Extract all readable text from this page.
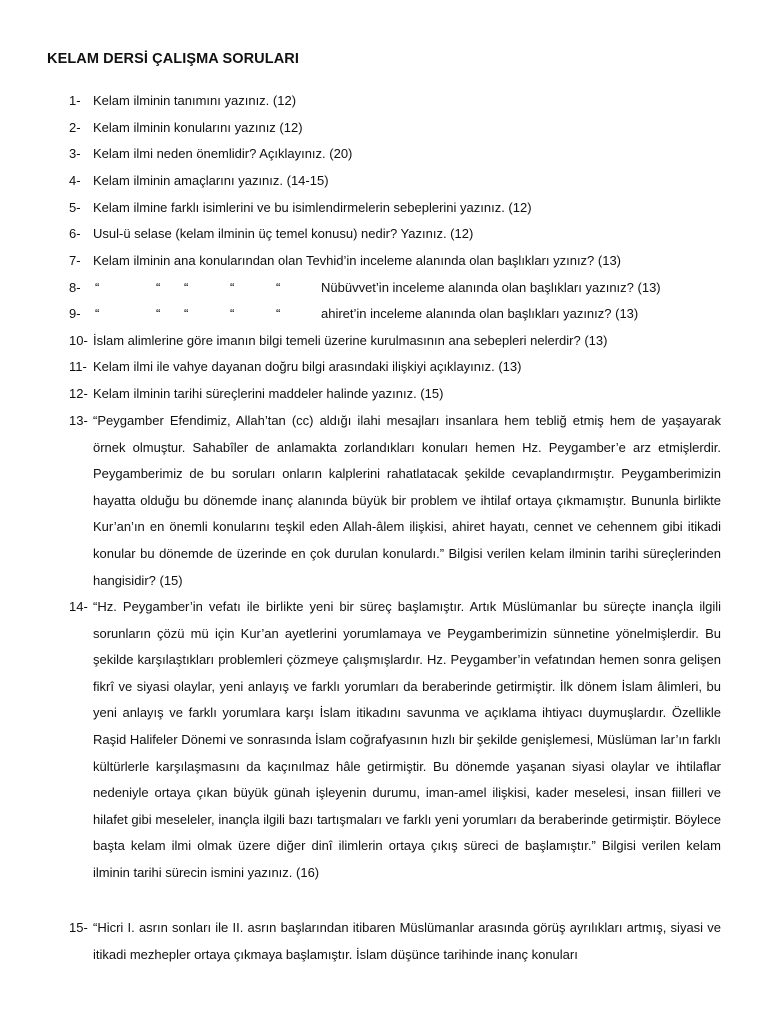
KELAM DERSİ ÇALIŞMA SORULARI
1- Kelam ilminin tanımını yazınız. (12)
2- Kelam ilminin konularını yazınız (12)
3- Kelam ilmi neden önemlidir? Açıklayınız. (20)
4- Kelam ilminin amaçlarını yazınız. (14-15)
5- Kelam ilmine farklı isimlerini ve bu isimlendirmelerin sebeplerini yazınız. (12)
6- Usul-ü selase (kelam ilminin üç temel konusu) nedir? Yazınız. (12)
7- Kelam ilminin ana konularından olan Tevhid’in inceleme alanında olan başlıkları yzınız? (13)
8- “	“ “	“	“	Nübüvvet’in inceleme alanında olan başlıkları yazınız? (13)
9- “	“ “	“	“	ahiret’in inceleme alanında olan başlıkları yazınız? (13)
10- İslam alimlerine göre imanın bilgi temeli üzerine kurulmasının ana sebepleri nelerdir? (13)
11- Kelam ilmi ile vahye dayanan doğru bilgi arasındaki ilişkiyi açıklayınız. (13)
12- Kelam ilminin tarihi süreçlerini maddeler halinde yazınız. (15)
13- “Peygamber Efendimiz, Allah’tan (cc) aldığı ilahi mesajları insanlara hem tebliğ etmiş hem de yaşayarak örnek olmuştur. Sahabîler de anlamakta zorlandıkları konuları hemen Hz. Peygamber’e arz etmişlerdir. Peygamberimiz de bu soruları onların kalplerini rahatlatacak şekilde cevaplandırmıştır. Peygamberimizin hayatta olduğu bu dönemde inanç alanında büyük bir problem ve ihtilaf ortaya çıkmamıştır. Bununla birlikte Kur’an’ın en önemli konularını teşkil eden Allah-âlem ilişkisi, ahiret hayatı, cennet ve cehennem gibi itikadi konular bu dönemde de üzerinde en çok durulan konulardı.” Bilgisi verilen kelam ilminin tarihi süreçlerinden hangisidir? (15)
14- “Hz. Peygamber’in vefatı ile birlikte yeni bir süreç başlamıştır. Artık Müslümanlar bu süreçte inançla ilgili sorunların çözü mü için Kur’an ayetlerini yorumlamaya ve Peygamberimizin sünnetine yönelmişlerdir. Bu şekilde karşılaştıkları problemleri çözmeye çalışmışlardır. Hz. Peygamber’in vefatından hemen sonra gelişen fikrî ve siyasi olaylar, yeni anlayış ve farklı yorumları da beraberinde getirmiştir. İlk dönem İslam âlimleri, bu yeni anlayış ve farklı yorumlara karşı İslam itikadını savunma ve açıklama ihtiyacı duymuşlardır. Özellikle Raşid Halifeler Dönemi ve sonrasında İslam coğrafyasının hızlı bir şekilde genişlemesi, Müslüman lar’ın farklı kültürlerle karşılaşmasını da kaçınılmaz hâle getirmiştir. Bu dönemde yaşanan siyasi olaylar ve ihtilaflar nedeniyle ortaya çıkan büyük günah işleyenin durumu, iman-amel ilişkisi, kader meselesi, insan fiilleri ve hilafet gibi meseleler, inançla ilgili bazı tartışmaları ve farklı yeni yorumları da beraberinde getirmiştir. Böylece başta kelam ilmi olmak üzere diğer dinî ilimlerin ortaya çıkış süreci de başlamıştır.” Bilgisi verilen kelam ilminin tarihi sürecin ismini yazınız. (16)
15- “Hicri I. asrın sonları ile II. asrın başlarından itibaren Müslümanlar arasında görüş ayrılıkları artmış, siyasi ve itikadi mezhepler ortaya çıkmaya başlamıştır. İslam düşünce tarihinde inanç konuları
